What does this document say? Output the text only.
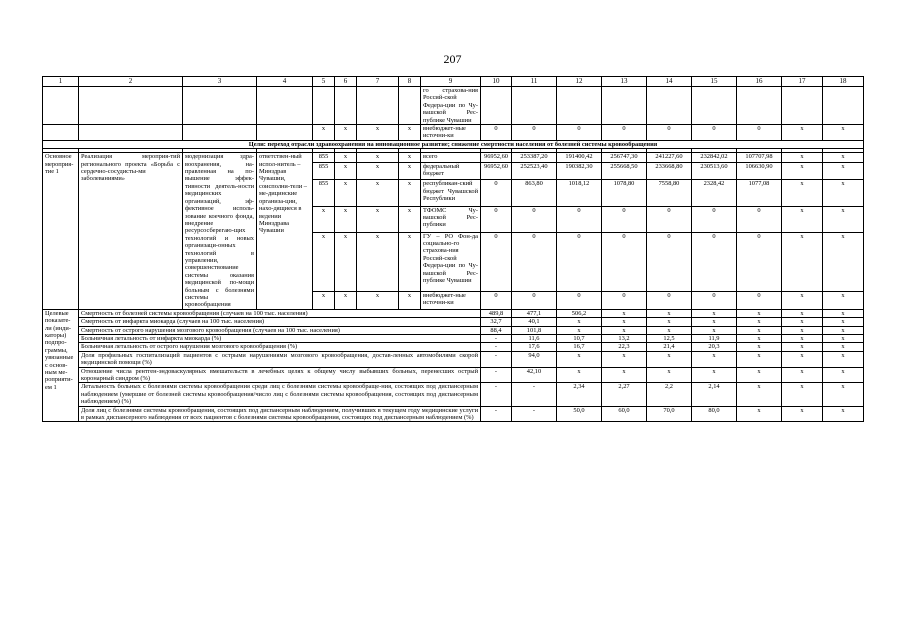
207
1	2	3	4	5	6	7	8	9	10	11	12	13	14	15	16	17	18
								го страхова-ния Россий-ской Федера-ции по Чу-вашской Рес-публике Чувашии									
				х	х	х	х	внебюджет-ные источни-ки	0	0	0	0	0	0	0	х	х
Цели: переход отрасли здравоохранения на инновационное развитие; снижение смертности населения от болезней системы кровообращения																	

Основное мероприя-тие 1	Реализация мероприя-тий регионального проекта «Борьба с сердечно-сосудисты-ми заболеваниями»	модернизация здра-воохранения, на-правленная на по-вышение эффек-тивности деятель-ности медицинских организаций, эф-фективное исполь-зование коечного фонда, внедрение ресурсосберегаю-щих технологий и новых организаци-онных технологий в управлении, совершенствование системы оказания медицинской по-мощи больным с болезнями системы кровообращения	ответствен-ный испол-нитель – Минздрав Чувашии, соисполни-тели – ме-дицинские организа-ции, нахо-дящиеся в ведении Минздрава Чувашии	855	х	х	х	всего	96952,60	253387,20	191400,42	256747,30	241227,60	232842,02	107707,98	х	х
				855	х	х	х	федеральный бюджет	96952,60	252523,40	190382,30	255668,50	233668,80	230513,60	106630,90	х	х
				855	х	х	х	республикан-ский бюджет Чувашской Республики	0	863,80	1018,12	1078,80	7558,80	2328,42	1077,08	х	х
				х	х	х	х	ТФОМС Чу-вашской Рес-публики	0	0	0	0	0	0	0	х	х
				х	х	х	х	ГУ – РО Фон-да социально-го страхова-ния Россий-ской Федера-ции по Чу-вашской Рес-публике Чувашии	0	0	0	0	0	0	0	х	х
				х	х	х	х	внебюджет-ные источни-ки	0	0	0	0	0	0	0	х	х
Целевые показате-ли (инди-каторы) подпро-граммы, увязанные с основ-ным ме-роприяти-ем 1	Смертность от болезней системы кровообращения (случаев на 100 тыс. населения)								489,8	477,1	506,2	х	х	х	х	х	х
	Смертность от инфаркта миокарда (случаев на 100 тыс. населения)								32,7	40,1	х	х	х	х	х	х	х
	Смертность от острого нарушения мозгового кровообращения (случаев на 100 тыс. населения)								88,4	101,8	х	х	х	х	х	х	х
	Больничная летальность от инфаркта миокарда (%)								-	11,6	10,7	13,2	12,5	11,9	х	х	х
	Больничная летальность от острого нарушения мозгового кровообращения (%)								-	17,6	16,7	22,3	21,4	20,3	х	х	х
	Доля профильных госпитализаций пациентов с острыми нарушениями мозгового кровообращения, достав-ленных автомобилями скорой медицинской помощи (%)								-	94,0	х	х	х	х	х	х	х
	Отношение числа рентген-эндоваскулярных вмешательств в лечебных целях к общему числу выбывших больных, перенесших острый коронарный синдром (%)								-	42,10	х	х	х	х	х	х	х
	Летальность больных с болезнями системы кровообращения среди лиц с болезнями системы кровообраще-ния, состоящих под диспансерным наблюдением (умершие от болезней системы кровообращения/число лиц с болезнями системы кровообращения, состоящих под диспансерным наблюдением) (%)								-	-	2,34	2,27	2,2	2,14	х	х	х
	Доля лиц с болезнями системы кровообращения, состоящих под диспансерным наблюдением, получивших в текущем году медицинские услуги в рамках диспансерного наблюдения от всех пациентов с болезнями системы кровообращения, состоящих под диспансерным наблюдением (%)								-	-	50,0	60,0	70,0	80,0	х	х	х
